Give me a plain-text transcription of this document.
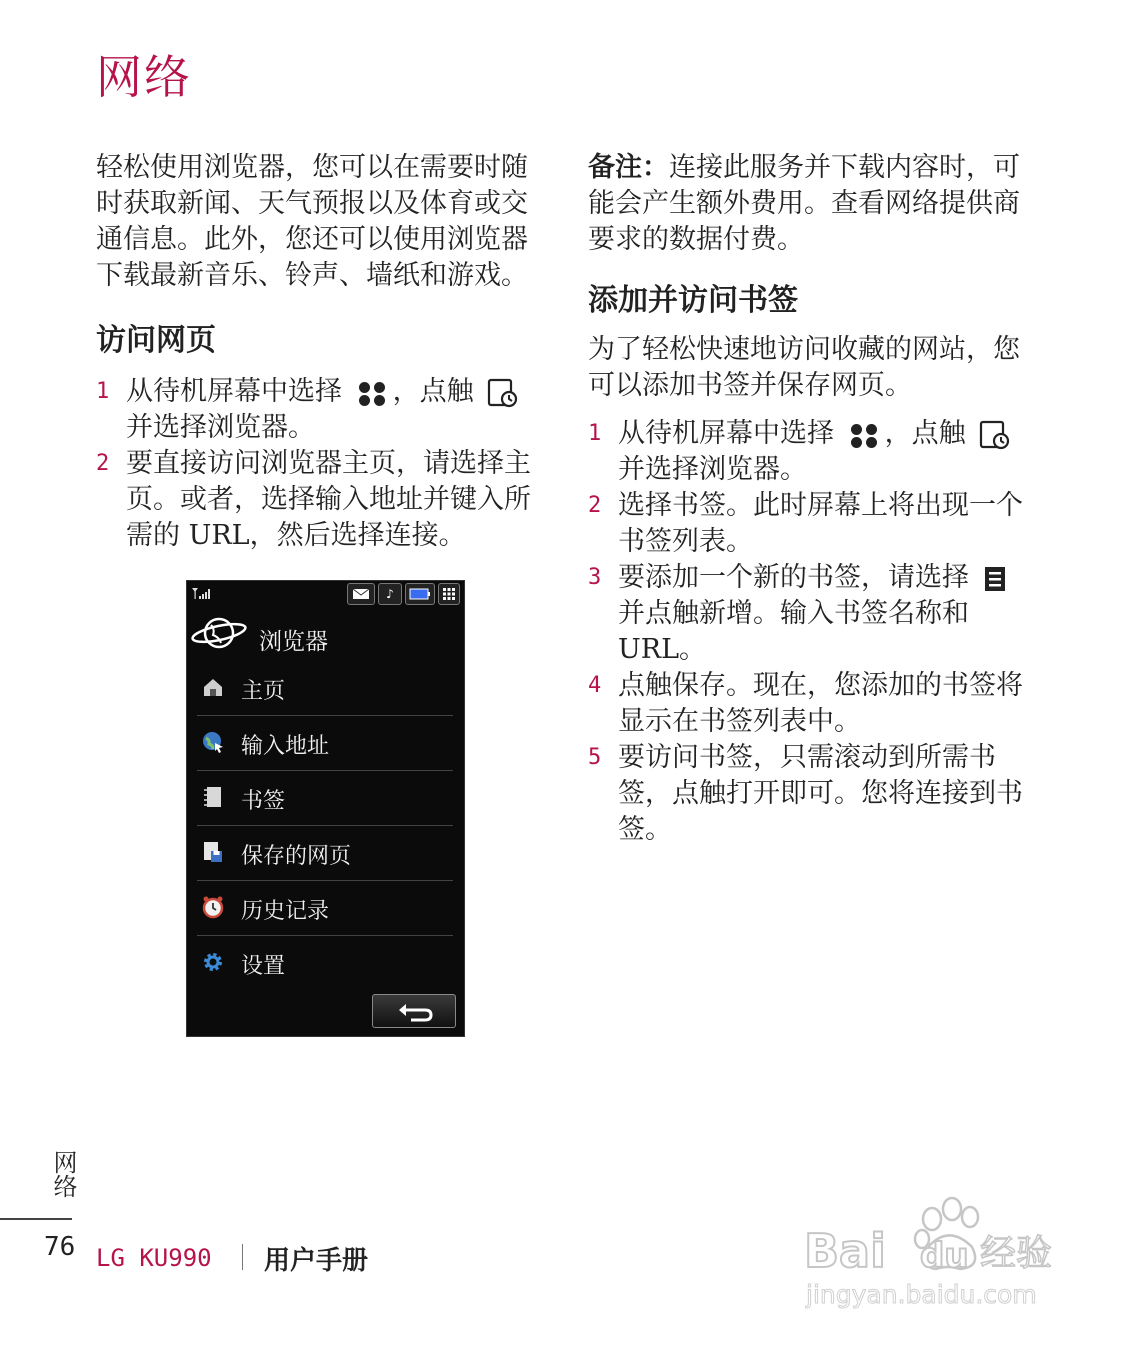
网络

轻松使用浏览器，您可以在需要时随时获取新闻、天气预报以及体育或交通信息。此外，您还可以使用浏览器下载最新音乐、铃声、墙纸和游戏。

访问网页
1 从待机屏幕中选择 ，点触
并选择浏览器。
2 要直接访问浏览器主页，请选择主页。或者，选择输入地址并键入所需的 URL，然后选择连接。
♪
浏览器
主页
输入地址
书签
保存的网页
历史记录
设置

备注：连接此服务并下载内容时，可能会产生额外费用。查看网络提供商要求的数据付费。

添加并访问书签

为了轻松快速地访问收藏的网站，您可以添加书签并保存网页。

1 从待机屏幕中选择 ，点触
并选择浏览器。
2 选择书签。此时屏幕上将出现一个书签列表。
3 要添加一个新的书签，请选择
并点触新增。输入书签名称和URL。
4 点触保存。现在，您添加的书签将显示在书签列表中。
5 要访问书签，只需滚动到所需书签，点触打开即可。您将连接到书签。
网络
76 LG KU990 用户手册	Bai du 经验
jingyan.baidu.com
